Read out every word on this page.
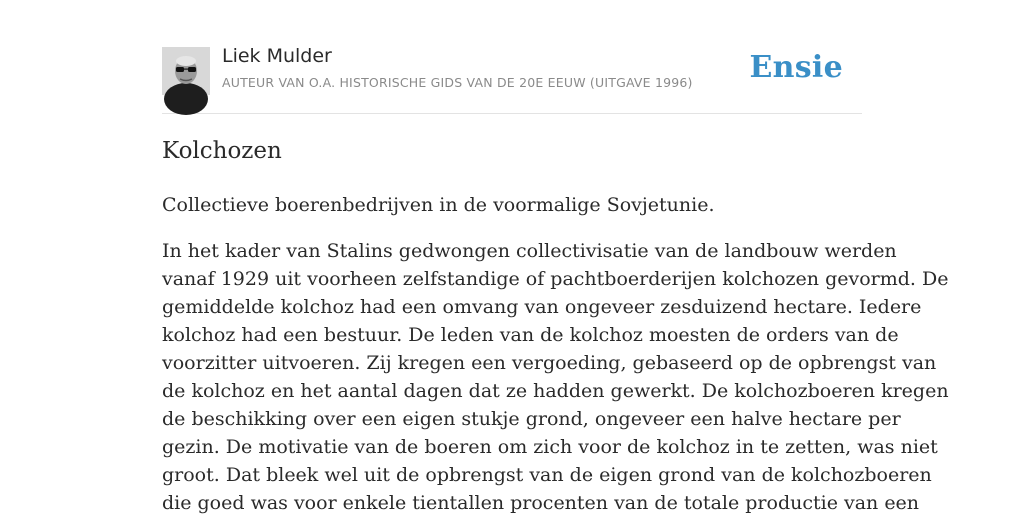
Liek Mulder
AUTEUR VAN O.A. HISTORISCHE GIDS VAN DE 20E EEUW (UITGAVE 1996) Ensie
Kolchozen

Collectieve boerenbedrijven in de voormalige Sovjetunie.

In het kader van Stalins gedwongen collectivisatie van de landbouw werden
vanaf 1929 uit voorheen zelfstandige of pachtboerderijen kolchozen gevormd. De
gemiddelde kolchoz had een omvang van ongeveer zesduizend hectare. Iedere
kolchoz had een bestuur. De leden van de kolchoz moesten de orders van de
voorzitter uitvoeren. Zij kregen een vergoeding, gebaseerd op de opbrengst van
de kolchoz en het aantal dagen dat ze hadden gewerkt. De kolchozboeren kregen
de beschikking over een eigen stukje grond, ongeveer een halve hectare per
gezin. De motivatie van de boeren om zich voor de kolchoz in te zetten, was niet
groot. Dat bleek wel uit de opbrengst van de eigen grond van de kolchozboeren
die goed was voor enkele tientallen procenten van de totale productie van een
